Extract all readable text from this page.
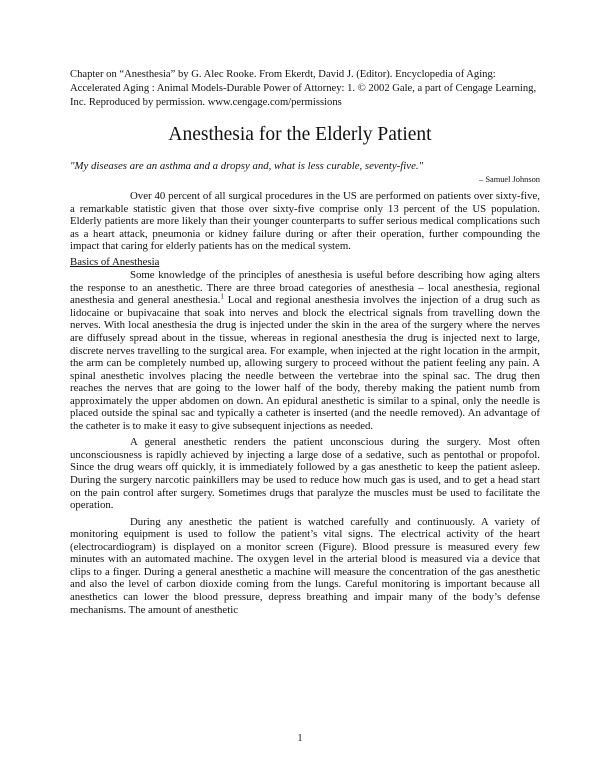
Chapter on “Anesthesia” by G. Alec Rooke. From Ekerdt, David J. (Editor). Encyclopedia of Aging: Accelerated Aging : Animal Models-Durable Power of Attorney: 1. © 2002 Gale, a part of Cengage Learning, Inc. Reproduced by permission. www.cengage.com/permissions
Anesthesia for the Elderly Patient
"My diseases are an asthma and a dropsy and, what is less curable, seventy-five."
– Samuel Johnson

Over 40 percent of all surgical procedures in the US are performed on patients over sixty-five, a remarkable statistic given that those over sixty-five comprise only 13 percent of the US population. Elderly patients are more likely than their younger counterparts to suffer serious medical complications such as a heart attack, pneumonia or kidney failure during or after their operation, further compounding the impact that caring for elderly patients has on the medical system.

Basics of Anesthesia

Some knowledge of the principles of anesthesia is useful before describing how aging alters the response to an anesthetic. There are three broad categories of anesthesia – local anesthesia, regional anesthesia and general anesthesia.$^1$ Local and regional anesthesia involves the injection of a drug such as lidocaine or bupivacaine that soak into nerves and block the electrical signals from travelling down the nerves. With local anesthesia the drug is injected under the skin in the area of the surgery where the nerves are diffusely spread about in the tissue, whereas in regional anesthesia the drug is injected next to large, discrete nerves travelling to the surgical area. For example, when injected at the right location in the armpit, the arm can be completely numbed up, allowing surgery to proceed without the patient feeling any pain. A spinal anesthetic involves placing the needle between the vertebrae into the spinal sac. The drug then reaches the nerves that are going to the lower half of the body, thereby making the patient numb from approximately the upper abdomen on down. An epidural anesthetic is similar to a spinal, only the needle is placed outside the spinal sac and typically a catheter is inserted (and the needle removed). An advantage of the catheter is to make it easy to give subsequent injections as needed.

A general anesthetic renders the patient unconscious during the surgery. Most often unconsciousness is rapidly achieved by injecting a large dose of a sedative, such as pentothal or propofol. Since the drug wears off quickly, it is immediately followed by a gas anesthetic to keep the patient asleep. During the surgery narcotic painkillers may be used to reduce how much gas is used, and to get a head start on the pain control after surgery. Sometimes drugs that paralyze the muscles must be used to facilitate the operation.

During any anesthetic the patient is watched carefully and continuously. A variety of monitoring equipment is used to follow the patient’s vital signs. The electrical activity of the heart (electrocardiogram) is displayed on a monitor screen (Figure). Blood pressure is measured every few minutes with an automated machine. The oxygen level in the arterial blood is measured via a device that clips to a finger. During a general anesthetic a machine will measure the concentration of the gas anesthetic and also the level of carbon dioxide coming from the lungs. Careful monitoring is important because all anesthetics can lower the blood pressure, depress breathing and impair many of the body’s defense mechanisms. The amount of anesthetic

1
